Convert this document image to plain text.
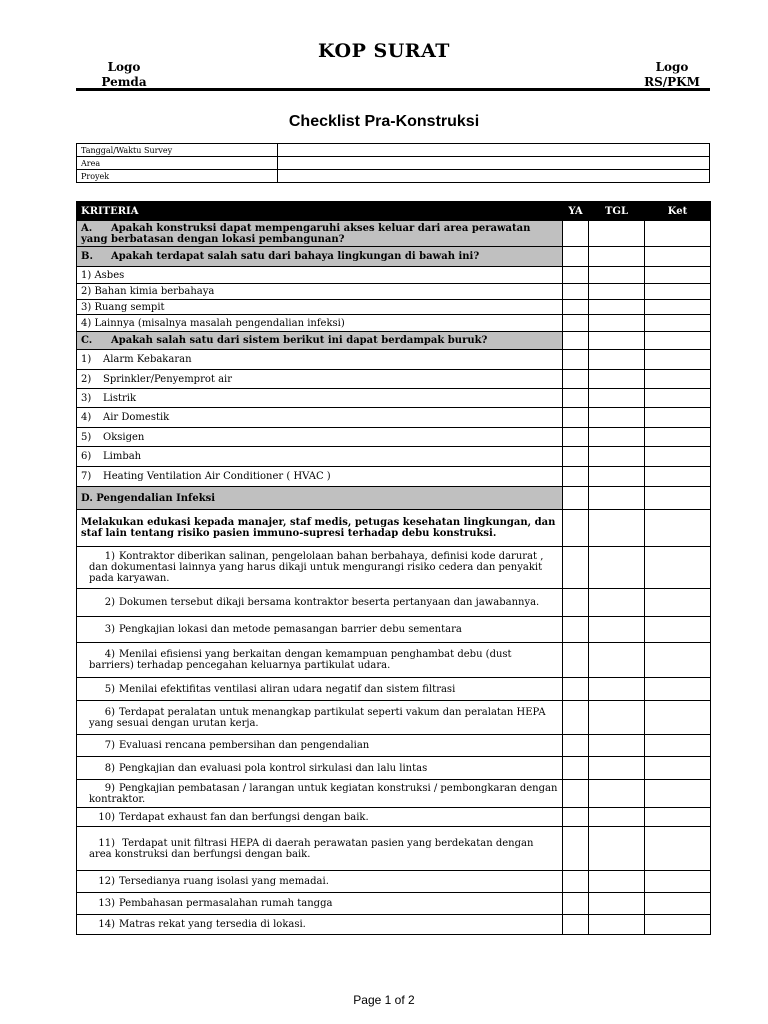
KOP SURAT
Logo
Pemda
Logo
RS/PKM
Checklist Pra-Konstruksi
Tanggal/Waktu Survey	
Area	
Proyek	
KRITERIA	YA	TGL	Ket
A. Apakah konstruksi dapat mempengaruhi akses keluar dari area perawatan yang berbatasan dengan lokasi pembangunan?			
B. Apakah terdapat salah satu dari bahaya lingkungan di bawah ini?			
1) Asbes			
2) Bahan kimia berbahaya			
3) Ruang sempit			
4) Lainnya (misalnya masalah pengendalian infeksi)			
C. Apakah salah satu dari sistem berikut ini dapat berdampak buruk?			
1) Alarm Kebakaran			
2) Sprinkler/Penyemprot air			
3) Listrik			
4) Air Domestik			
5) Oksigen			
6) Limbah			
7) Heating Ventilation Air Conditioner ( HVAC )			
D. Pengendalian Infeksi			
Melakukan edukasi kepada manajer, staf medis, petugas kesehatan lingkungan, dan staf lain tentang risiko pasien immuno-supresi terhadap debu konstruksi.			
1) Kontraktor diberikan salinan, pengelolaan bahan berbahaya, definisi kode darurat , dan dokumentasi lainnya yang harus dikaji untuk mengurangi risiko cedera dan penyakit pada karyawan.			
2) Dokumen tersebut dikaji bersama kontraktor beserta pertanyaan dan jawabannya.			
3) Pengkajian lokasi dan metode pemasangan barrier debu sementara			
4) Menilai efisiensi yang berkaitan dengan kemampuan penghambat debu (dust barriers) terhadap pencegahan keluarnya partikulat udara.			
5) Menilai efektifitas ventilasi aliran udara negatif dan sistem filtrasi			
6) Terdapat peralatan untuk menangkap partikulat seperti vakum dan peralatan HEPA yang sesuai dengan urutan kerja.			
7) Evaluasi rencana pembersihan dan pengendalian			
8) Pengkajian dan evaluasi pola kontrol sirkulasi dan lalu lintas			
9) Pengkajian pembatasan / larangan untuk kegiatan konstruksi / pembongkaran dengan kontraktor.			
10) Terdapat exhaust fan dan berfungsi dengan baik.			
11) Terdapat unit filtrasi HEPA di daerah perawatan pasien yang berdekatan dengan area konstruksi dan berfungsi dengan baik.			
12) Tersedianya ruang isolasi yang memadai.			
13) Pembahasan permasalahan rumah tangga			
14) Matras rekat yang tersedia di lokasi.			
Page 1 of 2
